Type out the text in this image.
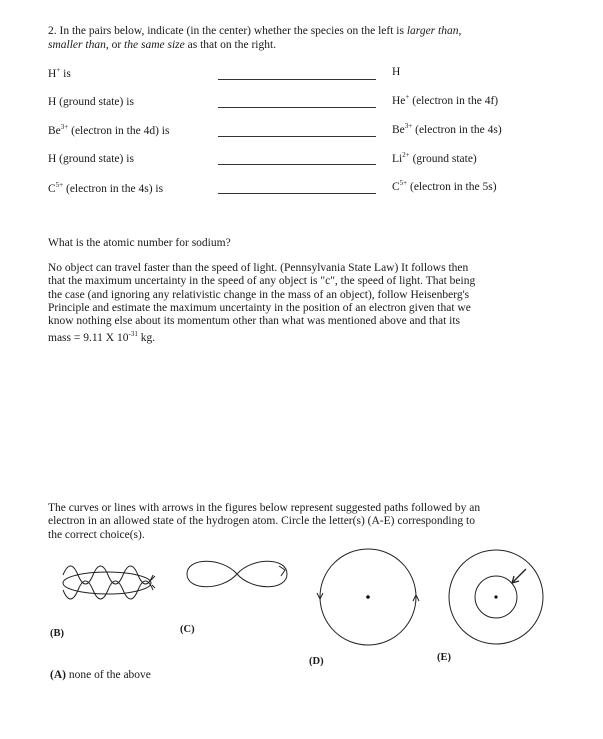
2. In the pairs below, indicate (in the center) whether the species on the left is larger than,
smaller than, or the same size as that on the right.
H+ is	H
H (ground state) is	He+ (electron in the 4f)
$Be^{3+}$ (electron in the 4d) is	$Be^{3+}$ (electron in the 4s)
H (ground state) is	$Li^{2+}$ (ground state)
$C^{5+}$ (electron in the 4s) is	$C^{5+}$ (electron in the 5s)
What is the atomic number for sodium?
No object can travel faster than the speed of light. (Pennsylvania State Law) It follows then
that the maximum uncertainty in the speed of any object is "c", the speed of light. That being
the case (and ignoring any relativistic change in the mass of an object), follow Heisenberg's
Principle and estimate the maximum uncertainty in the position of an electron given that we
know nothing else about its momentum other than what was mentioned above and that its
mass = 9.11 X $10^{-31}$ kg.
The curves or lines with arrows in the figures below represent suggested paths followed by an
electron in an allowed state of the hydrogen atom. Circle the letter(s) (A-E) corresponding to
the correct choice(s).
(B)	(C)
(D)	(E)
(A) none of the above
